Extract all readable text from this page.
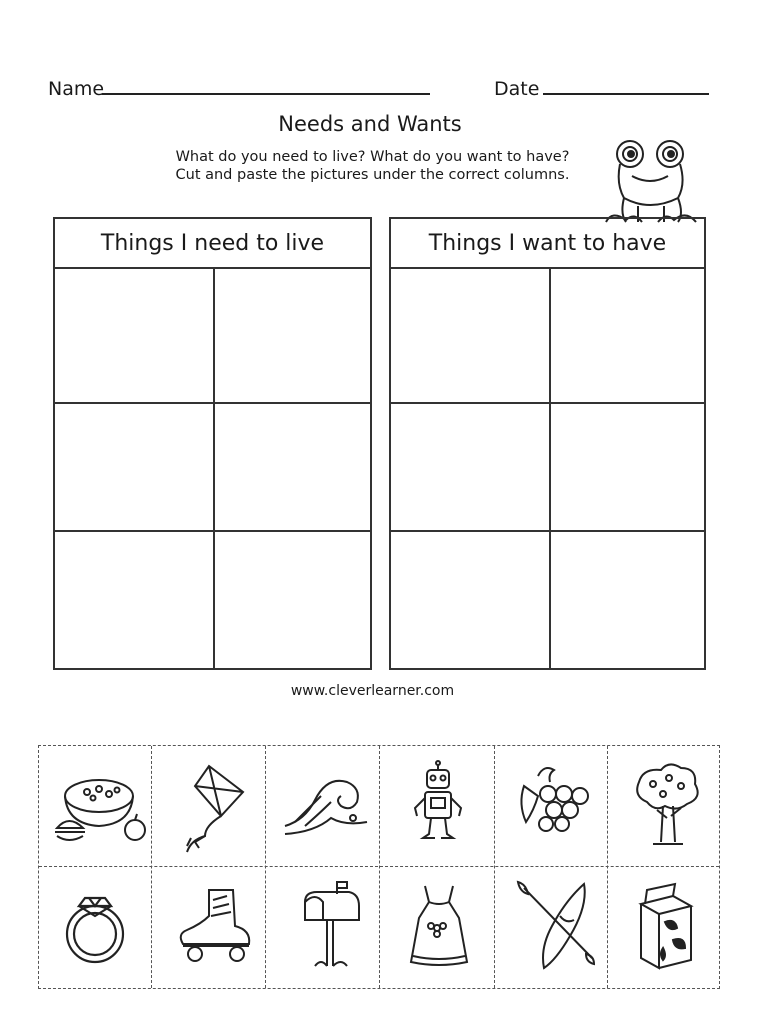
Name	Date
Needs and Wants
What do you need to live? What do you want to have?
Cut and paste the pictures under the correct columns.
Things I need to live	Things I want to have
www.cleverlearner.com
